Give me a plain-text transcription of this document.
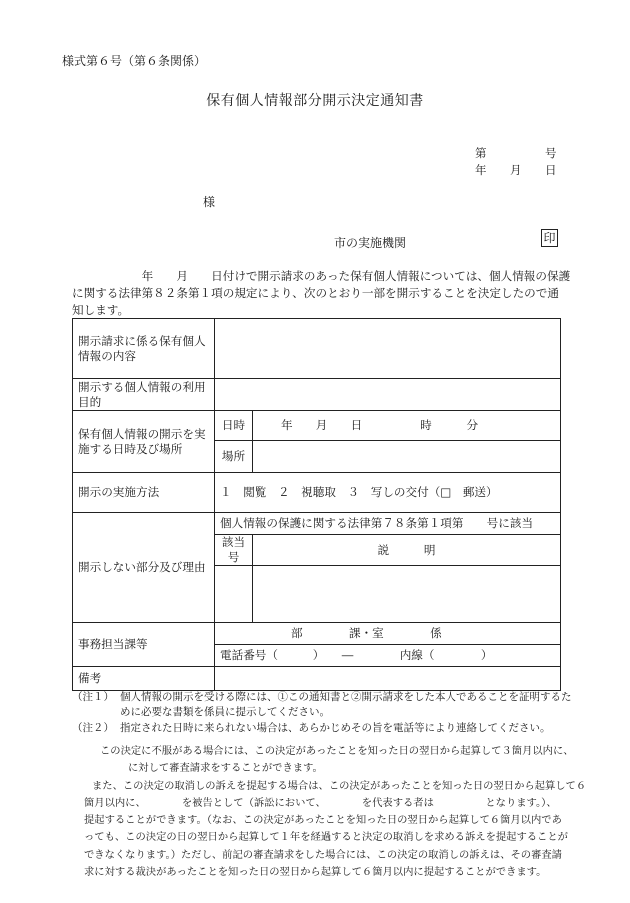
様式第６号（第６条関係）
保有個人情報部分開示決定通知書
第	号
年 月 日
様
市の実施機関	印
　　　　　　年　　月　　日付けで開示請求のあった保有個人情報については、個人情報の保護
に関する法律第８２条第１項の規定により、次のとおり一部を開示することを決定したので通
知します。
開示請求に係る保有個人
情報の内容		

開示する個人情報の利用
目的		

保有個人情報の開示を実
施する日時及び場所	日時	年　　月　　日　　　　　時　　　分
	場所	
開示の実施方法	１　閲覧　２　視聴取　３　写しの交付（□　郵送）	
開示しない部分及び理由	個人情報の保護に関する法律第７８条第１項第　　号に該当	
	該当号	説　　　明

事務担当課等	部　　　　課・室　　　　係	
	電話番号（　　　）　　―　　　　内線（　　　　）	
備考		
（注１） 個人情報の開示を受ける際には、①この通知書と②開示請求をした本人であることを証明するた
めに必要な書類を係員に提示してください。
（注２） 指定された日時に来られない場合は、あらかじめその旨を電話等により連絡してください。
この決定に不服がある場合には、この決定があったことを知った日の翌日から起算して３箇月以内に、
に対して審査請求をすることができます。
また、この決定の取消しの訴えを提起する場合は、この決定があったことを知った日の翌日から起算して６
箇月以内に、　　　　を被告として（訴訟において、　　　　を代表する者は　　　　　となります。）、
提起することができます。（なお、この決定があったことを知った日の翌日から起算して６箇月以内であ
っても、この決定の日の翌日から起算して１年を経過すると決定の取消しを求める訴えを提起することが
できなくなります。）ただし、前記の審査請求をした場合には、この決定の取消しの訴えは、その審査請
求に対する裁決があったことを知った日の翌日から起算して６箇月以内に提起することができます。
